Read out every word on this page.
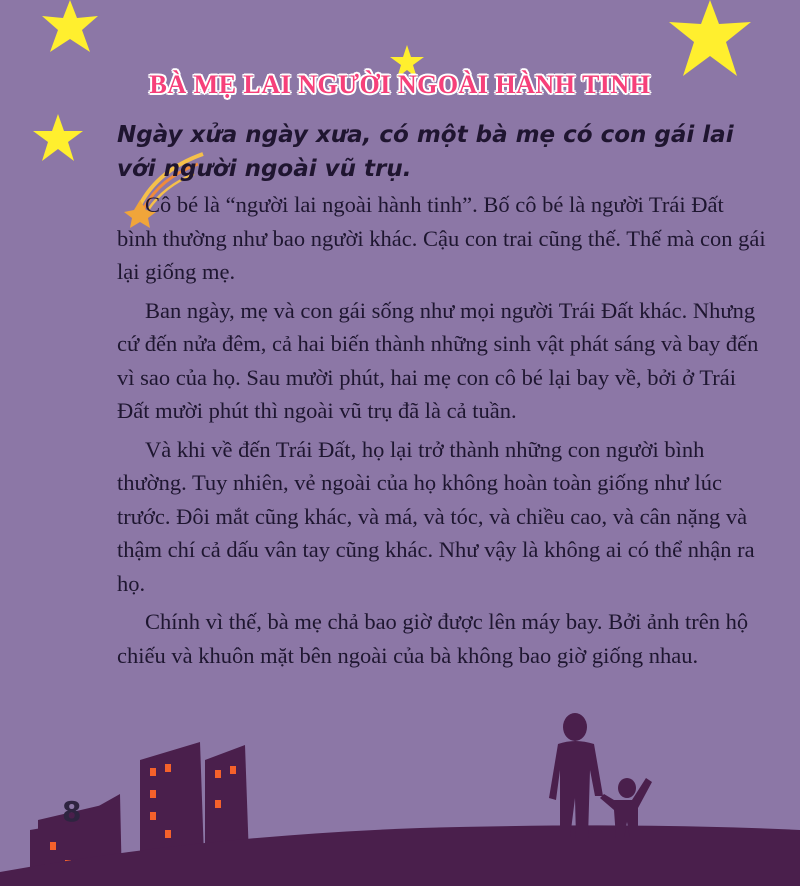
BÀ MẸ LAI NGƯỜI NGOÀI HÀNH TINH

Ngày xửa ngày xưa, có một bà mẹ có con gái lai với người ngoài vũ trụ.

Cô bé là “người lai ngoài hành tinh”. Bố cô bé là người Trái Đất bình thường như bao người khác. Cậu con trai cũng thế. Thế mà con gái lại giống mẹ.

Ban ngày, mẹ và con gái sống như mọi người Trái Đất khác. Nhưng cứ đến nửa đêm, cả hai biến thành những sinh vật phát sáng và bay đến vì sao của họ. Sau mười phút, hai mẹ con cô bé lại bay về, bởi ở Trái Đất mười phút thì ngoài vũ trụ đã là cả tuần.

Và khi về đến Trái Đất, họ lại trở thành những con người bình thường. Tuy nhiên, vẻ ngoài của họ không hoàn toàn giống như lúc trước. Đôi mắt cũng khác, và má, và tóc, và chiều cao, và cân nặng và thậm chí cả dấu vân tay cũng khác. Như vậy là không ai có thể nhận ra họ.

Chính vì thế, bà mẹ chả bao giờ được lên máy bay. Bởi ảnh trên hộ chiếu và khuôn mặt bên ngoài của bà không bao giờ giống nhau.

8
